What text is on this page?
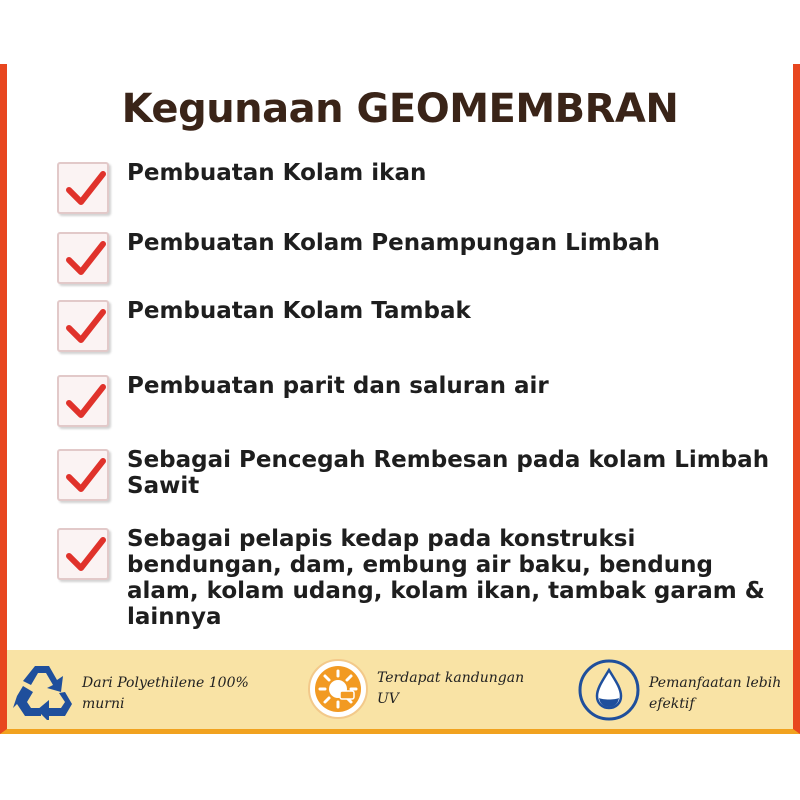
Kegunaan GEOMEMBRAN
Pembuatan Kolam ikan
Pembuatan Kolam Penampungan Limbah
Pembuatan Kolam Tambak
Pembuatan parit dan saluran air
Sebagai Pencegah Rembesan pada kolam Limbah Sawit
Sebagai pelapis kedap pada konstruksi bendungan, dam, embung air baku, bendung alam, kolam udang, kolam ikan, tambak garam & lainnya
Dari Polyethilene 100% murni
Terdapat kandungan UV
Pemanfaatan lebih efektif
